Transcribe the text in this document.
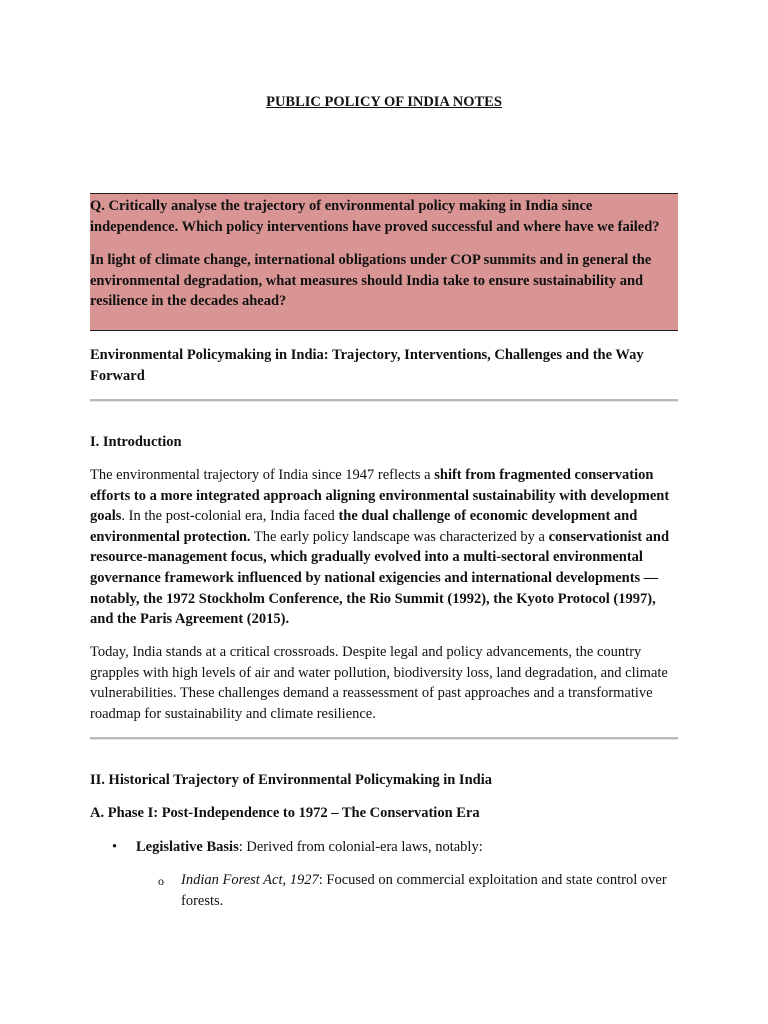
PUBLIC POLICY OF INDIA NOTES

Q. Critically analyse the trajectory of environmental policy making in India since independence. Which policy interventions have proved successful and where have we failed?

In light of climate change, international obligations under COP summits and in general the environmental degradation, what measures should India take to ensure sustainability and resilience in the decades ahead?

Environmental Policymaking in India: Trajectory, Interventions, Challenges and the Way Forward

I. Introduction

The environmental trajectory of India since 1947 reflects a shift from fragmented conservation efforts to a more integrated approach aligning environmental sustainability with development goals. In the post-colonial era, India faced the dual challenge of economic development and environmental protection. The early policy landscape was characterized by a conservationist and resource-management focus, which gradually evolved into a multi-sectoral environmental governance framework influenced by national exigencies and international developments — notably, the 1972 Stockholm Conference, the Rio Summit (1992), the Kyoto Protocol (1997), and the Paris Agreement (2015).

Today, India stands at a critical crossroads. Despite legal and policy advancements, the country grapples with high levels of air and water pollution, biodiversity loss, land degradation, and climate vulnerabilities. These challenges demand a reassessment of past approaches and a transformative roadmap for sustainability and climate resilience.

II. Historical Trajectory of Environmental Policymaking in India

A. Phase I: Post-Independence to 1972 – The Conservation Era

• Legislative Basis: Derived from colonial-era laws, notably:
o Indian Forest Act, 1927: Focused on commercial exploitation and state control over forests.
